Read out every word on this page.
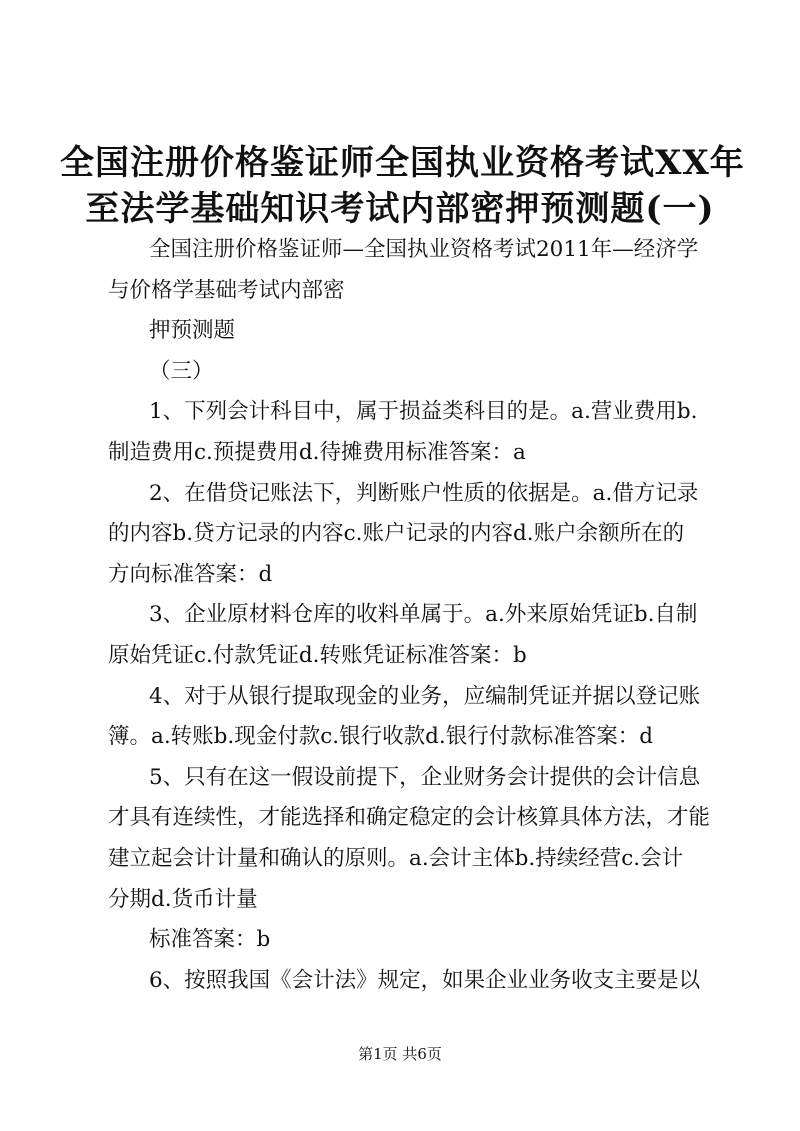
全国注册价格鉴证师全国执业资格考试XX年
至法学基础知识考试内部密押预测题(一)

全国注册价格鉴证师—全国执业资格考试2011年—经济学

与价格学基础考试内部密

押预测题

（三）

1、下列会计科目中，属于损益类科目的是。a.营业费用b.

制造费用c.预提费用d.待摊费用标准答案：a

2、在借贷记账法下，判断账户性质的依据是。a.借方记录

的内容b.贷方记录的内容c.账户记录的内容d.账户余额所在的

方向标准答案：d

3、企业原材料仓库的收料单属于。a.外来原始凭证b.自制

原始凭证c.付款凭证d.转账凭证标准答案：b

4、对于从银行提取现金的业务，应编制凭证并据以登记账

簿。a.转账b.现金付款c.银行收款d.银行付款标准答案：d

5、只有在这一假设前提下，企业财务会计提供的会计信息

才具有连续性，才能选择和确定稳定的会计核算具体方法，才能

建立起会计计量和确认的原则。a.会计主体b.持续经营c.会计

分期d.货币计量

标准答案：b

6、按照我国《会计法》规定，如果企业业务收支主要是以

第1页 共6页
